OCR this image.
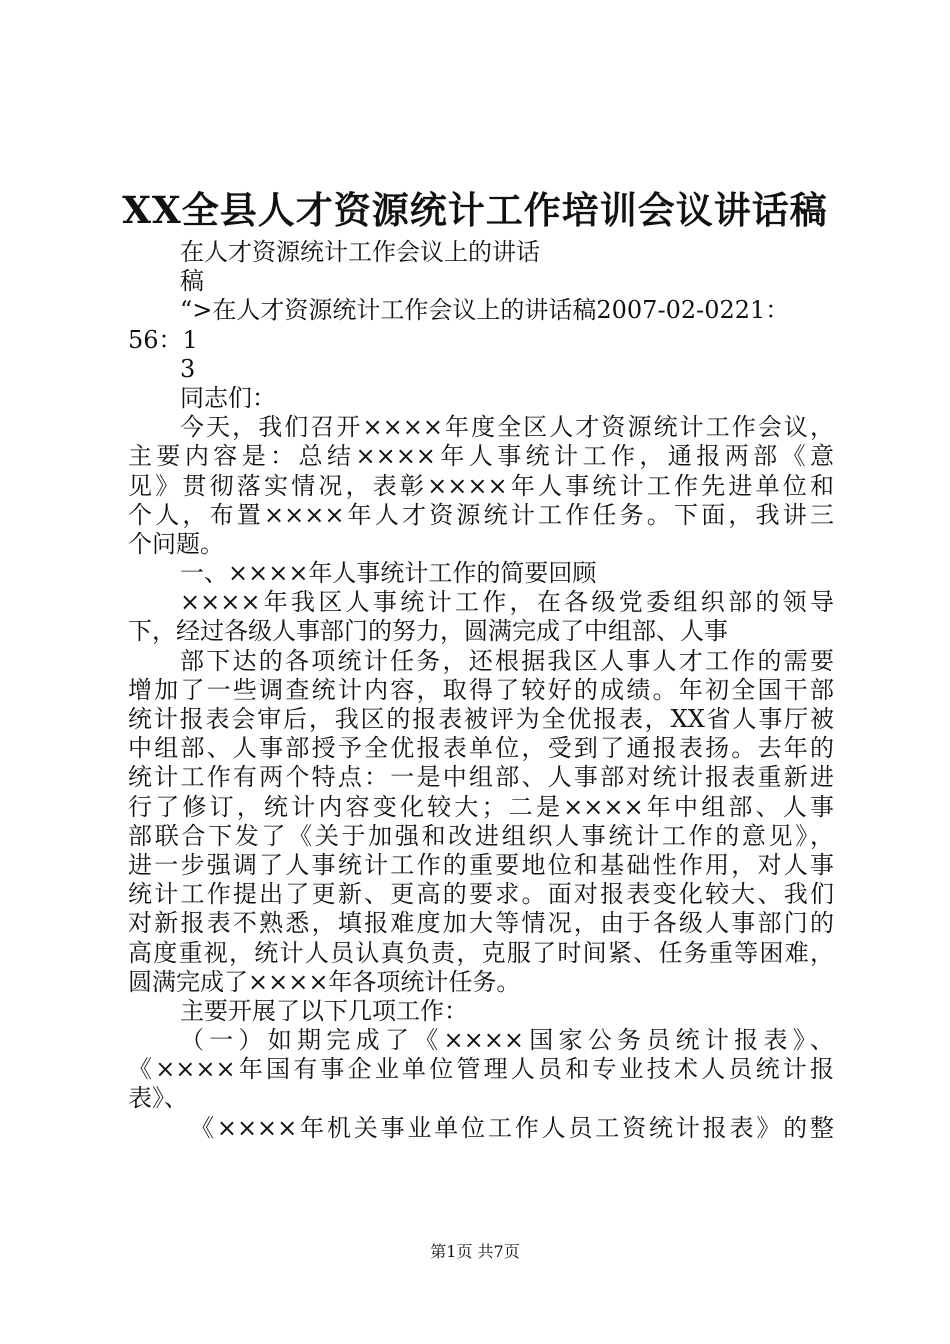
XX全县人才资源统计工作培训会议讲话稿
在人才资源统计工作会议上的讲话
稿
“>在人才资源统计工作会议上的讲话稿2007-02-0221：
56：1
3
同志们：
今天，我们召开××××年度全区人才资源统计工作会议，
主要内容是：总结××××年人事统计工作，通报两部《意
见》贯彻落实情况，表彰××××年人事统计工作先进单位和
个人，布置××××年人才资源统计工作任务。下面，我讲三
个问题。
一、××××年人事统计工作的简要回顾
××××年我区人事统计工作，在各级党委组织部的领导
下，经过各级人事部门的努力，圆满完成了中组部、人事
部下达的各项统计任务，还根据我区人事人才工作的需要
增加了一些调查统计内容，取得了较好的成绩。年初全国干部
统计报表会审后，我区的报表被评为全优报表，XX省人事厅被
中组部、人事部授予全优报表单位，受到了通报表扬。去年的
统计工作有两个特点：一是中组部、人事部对统计报表重新进
行了修订，统计内容变化较大；二是××××年中组部、人事
部联合下发了《关于加强和改进组织人事统计工作的意见》，
进一步强调了人事统计工作的重要地位和基础性作用，对人事
统计工作提出了更新、更高的要求。面对报表变化较大、我们
对新报表不熟悉，填报难度加大等情况，由于各级人事部门的
高度重视，统计人员认真负责，克服了时间紧、任务重等困难，
圆满完成了××××年各项统计任务。
主要开展了以下几项工作：
（一）如期完成了《××××国家公务员统计报表》、
《××××年国有事企业单位管理人员和专业技术人员统计报
表》、
《××××年机关事业单位工作人员工资统计报表》的整
第1页 共7页
